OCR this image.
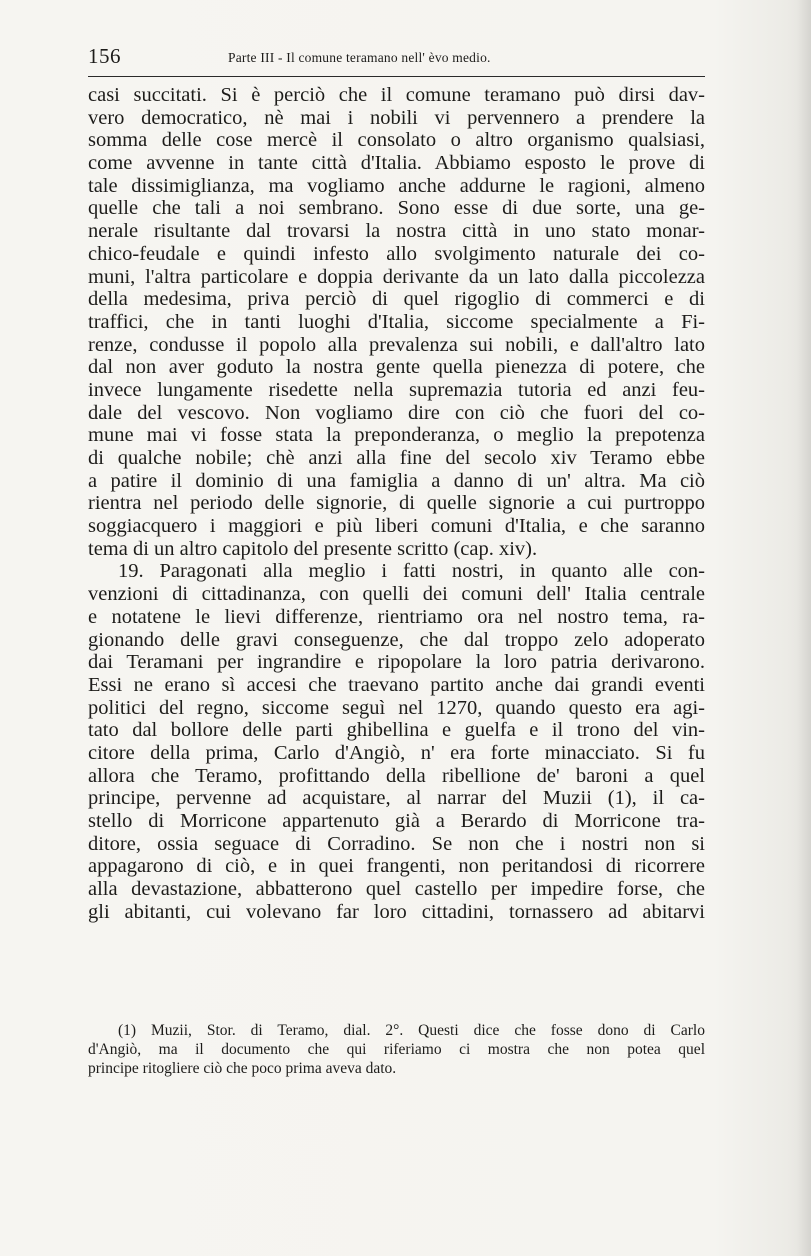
156	Parte III - Il comune teramano nell' èvo medio.
casi succitati. Si è perciò che il comune teramano può dirsi dav-
vero democratico, nè mai i nobili vi pervennero a prendere la
somma delle cose mercè il consolato o altro organismo qualsiasi,
come avvenne in tante città d'Italia. Abbiamo esposto le prove di
tale dissimiglianza, ma vogliamo anche addurne le ragioni, almeno
quelle che tali a noi sembrano. Sono esse di due sorte, una ge-
nerale risultante dal trovarsi la nostra città in uno stato monar-
chico-feudale e quindi infesto allo svolgimento naturale dei co-
muni, l'altra particolare e doppia derivante da un lato dalla piccolezza
della medesima, priva perciò di quel rigoglio di commerci e di
traffici, che in tanti luoghi d'Italia, siccome specialmente a Fi-
renze, condusse il popolo alla prevalenza sui nobili, e dall'altro lato
dal non aver goduto la nostra gente quella pienezza di potere, che
invece lungamente risedette nella supremazia tutoria ed anzi feu-
dale del vescovo. Non vogliamo dire con ciò che fuori del co-
mune mai vi fosse stata la preponderanza, o meglio la prepotenza
di qualche nobile; chè anzi alla fine del secolo xiv Teramo ebbe
a patire il dominio di una famiglia a danno di un' altra. Ma ciò
rientra nel periodo delle signorie, di quelle signorie a cui purtroppo
soggiacquero i maggiori e più liberi comuni d'Italia, e che saranno
tema di un altro capitolo del presente scritto (cap. xiv).
19. Paragonati alla meglio i fatti nostri, in quanto alle con-
venzioni di cittadinanza, con quelli dei comuni dell' Italia centrale
e notatene le lievi differenze, rientriamo ora nel nostro tema, ra-
gionando delle gravi conseguenze, che dal troppo zelo adoperato
dai Teramani per ingrandire e ripopolare la loro patria derivarono.
Essi ne erano sì accesi che traevano partito anche dai grandi eventi
politici del regno, siccome seguì nel 1270, quando questo era agi-
tato dal bollore delle parti ghibellina e guelfa e il trono del vin-
citore della prima, Carlo d'Angiò, n' era forte minacciato. Si fu
allora che Teramo, profittando della ribellione de' baroni a quel
principe, pervenne ad acquistare, al narrar del Muzii (1), il ca-
stello di Morricone appartenuto già a Berardo di Morricone tra-
ditore, ossia seguace di Corradino. Se non che i nostri non si
appagarono di ciò, e in quei frangenti, non peritandosi di ricorrere
alla devastazione, abbatterono quel castello per impedire forse, che
gli abitanti, cui volevano far loro cittadini, tornassero ad abitarvi
(1) Muzii, Stor. di Teramo, dial. 2°. Questi dice che fosse dono di Carlo
d'Angiò, ma il documento che qui riferiamo ci mostra che non potea quel
principe ritogliere ciò che poco prima aveva dato.
